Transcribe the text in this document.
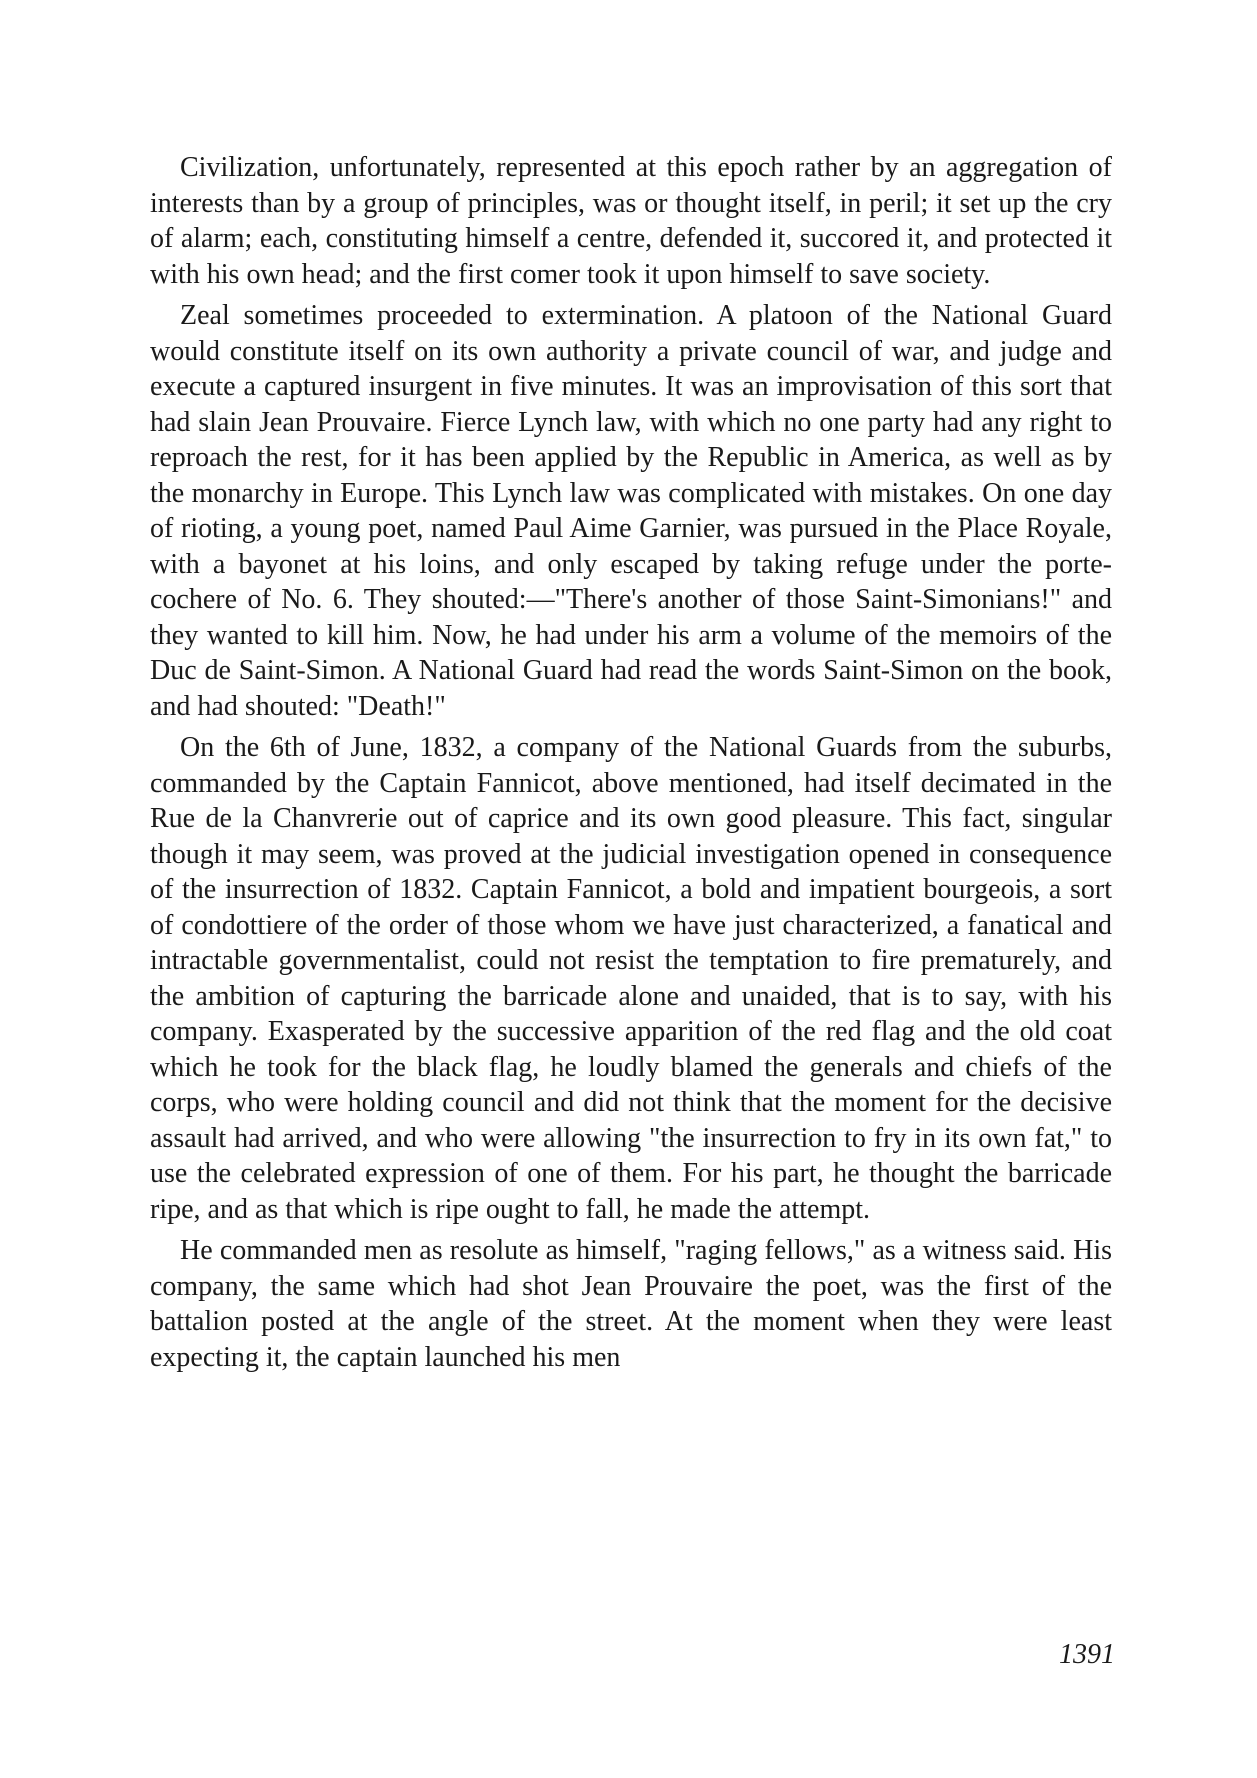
Civilization, unfortunately, represented at this epoch rather by an aggregation of interests than by a group of principles, was or thought itself, in peril; it set up the cry of alarm; each, constituting himself a centre, defended it, succored it, and protected it with his own head; and the first comer took it upon himself to save society.

Zeal sometimes proceeded to extermination. A platoon of the National Guard would constitute itself on its own authority a private council of war, and judge and execute a captured insurgent in five minutes. It was an improvisation of this sort that had slain Jean Prouvaire. Fierce Lynch law, with which no one party had any right to reproach the rest, for it has been applied by the Republic in America, as well as by the monarchy in Europe. This Lynch law was complicated with mistakes. On one day of rioting, a young poet, named Paul Aime Garnier, was pursued in the Place Royale, with a bayonet at his loins, and only escaped by taking refuge under the porte-cochere of No. 6. They shouted:—"There's another of those Saint-Simonians!" and they wanted to kill him. Now, he had under his arm a volume of the memoirs of the Duc de Saint-Simon. A National Guard had read the words Saint-Simon on the book, and had shouted: "Death!"

On the 6th of June, 1832, a company of the National Guards from the suburbs, commanded by the Captain Fannicot, above mentioned, had itself decimated in the Rue de la Chanvrerie out of caprice and its own good pleasure. This fact, singular though it may seem, was proved at the judicial investigation opened in consequence of the insurrection of 1832. Captain Fannicot, a bold and impatient bourgeois, a sort of condottiere of the order of those whom we have just characterized, a fanatical and intractable governmentalist, could not resist the temptation to fire prematurely, and the ambition of capturing the barricade alone and unaided, that is to say, with his company. Exasperated by the successive apparition of the red flag and the old coat which he took for the black flag, he loudly blamed the generals and chiefs of the corps, who were holding council and did not think that the moment for the decisive assault had arrived, and who were allowing "the insurrection to fry in its own fat," to use the celebrated expression of one of them. For his part, he thought the barricade ripe, and as that which is ripe ought to fall, he made the attempt.

He commanded men as resolute as himself, "raging fellows," as a witness said. His company, the same which had shot Jean Prouvaire the poet, was the first of the battalion posted at the angle of the street. At the moment when they were least expecting it, the captain launched his men

1391
